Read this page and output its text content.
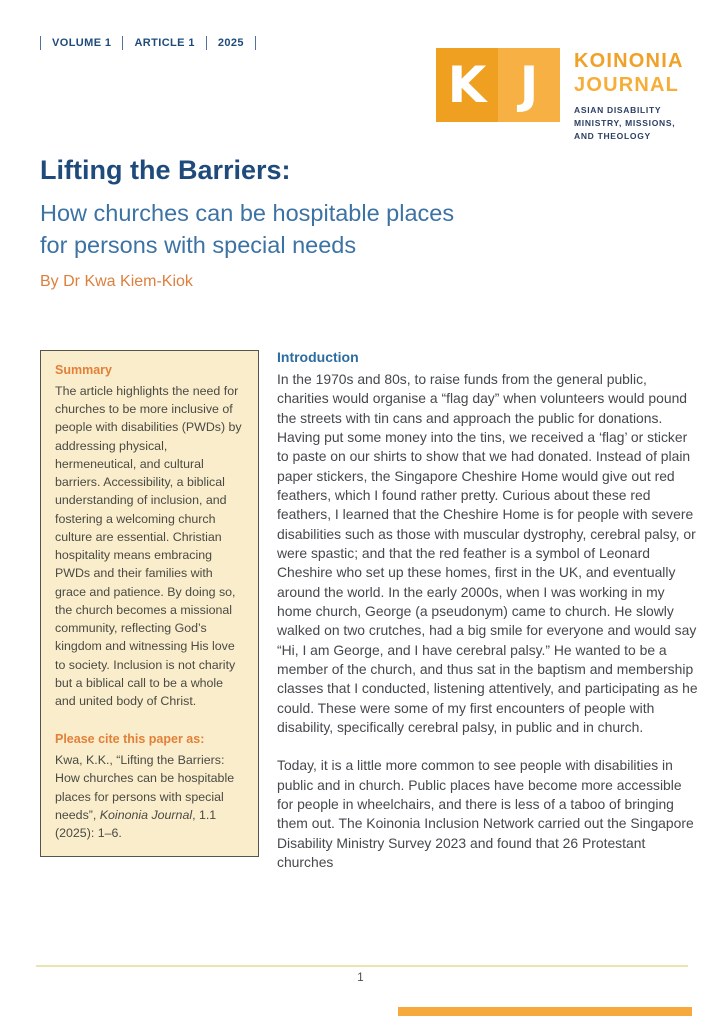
VOLUME 1 ARTICLE 1 2025
K J	KOINONIA
JOURNAL
ASIAN DISABILITY
MINISTRY, MISSIONS,
AND THEOLOGY
Lifting the Barriers:
How churches can be hospitable places
for persons with special needs
By Dr Kwa Kiem-Kiok
Summary
The article highlights the need for churches to be more inclusive of people with disabilities (PWDs) by addressing physical, hermeneutical, and cultural barriers. Accessibility, a biblical understanding of inclusion, and fostering a welcoming church culture are essential. Christian hospitality means embracing PWDs and their families with grace and patience. By doing so, the church becomes a missional community, reflecting God’s kingdom and witnessing His love to society. Inclusion is not charity but a biblical call to be a whole and united body of Christ.
Please cite this paper as:
Kwa, K.K., “Lifting the Barriers: How churches can be hospitable places for persons with special needs”, Koinonia Journal, 1.1 (2025): 1–6.
Introduction

In the 1970s and 80s, to raise funds from the general public, charities would organise a “flag day” when volunteers would pound the streets with tin cans and approach the public for donations. Having put some money into the tins, we received a ‘flag’ or sticker to paste on our shirts to show that we had donated. Instead of plain paper stickers, the Singapore Cheshire Home would give out red feathers, which I found rather pretty. Curious about these red feathers, I learned that the Cheshire Home is for people with severe disabilities such as those with muscular dystrophy, cerebral palsy, or were spastic; and that the red feather is a symbol of Leonard Cheshire who set up these homes, first in the UK, and eventually around the world. In the early 2000s, when I was working in my home church, George (a pseudonym) came to church. He slowly walked on two crutches, had a big smile for everyone and would say “Hi, I am George, and I have cerebral palsy.” He wanted to be a member of the church, and thus sat in the baptism and membership classes that I conducted, listening attentively, and participating as he could. These were some of my first encounters of people with disability, specifically cerebral palsy, in public and in church.

Today, it is a little more common to see people with disabilities in public and in church. Public places have become more accessible for people in wheelchairs, and there is less of a taboo of bringing them out. The Koinonia Inclusion Network carried out the Singapore Disability Ministry Survey 2023 and found that 26 Protestant churches

1
